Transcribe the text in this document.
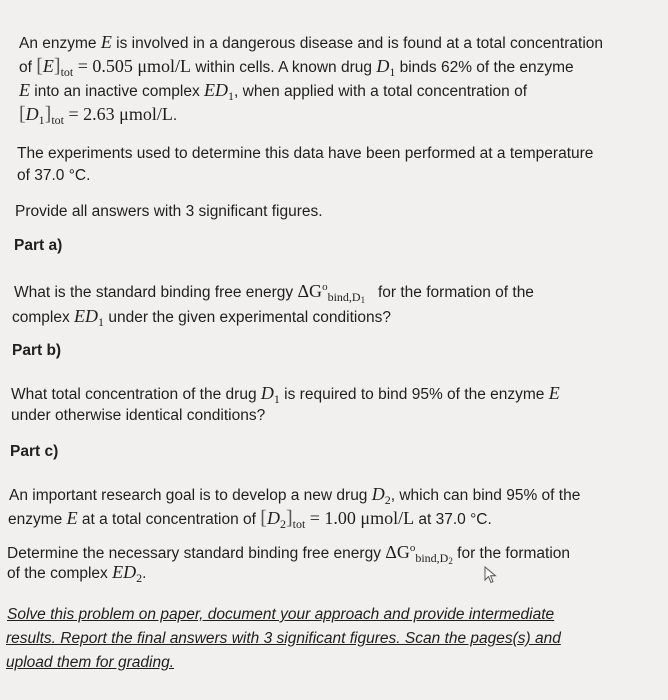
An enzyme E is involved in a dangerous disease and is found at a total concentration
of $[E]_{tot} = 0.505$ μmol/L within cells. A known drug $D_1$ binds 62% of the enzyme
E into an inactive complex $ED_1$, when applied with a total concentration of
$[D_1]_{tot} = 2.63$ μmol/L.
The experiments used to determine this data have been performed at a temperature
of 37.0 °C.
Provide all answers with 3 significant figures.
Part a)
What is the standard binding free energy $\Delta G^o_{bind,D1}$ for the formation of the
complex $ED_1$ under the given experimental conditions?
Part b)
What total concentration of the drug $D_1$ is required to bind 95% of the enzyme E
under otherwise identical conditions?
Part c)
An important research goal is to develop a new drug $D_2$, which can bind 95% of the
enzyme E at a total concentration of $[D_2]_{tot} = 1.00$ μmol/L at 37.0 °C.
Determine the necessary standard binding free energy $\Delta G^o_{bind,D2}$ for the formation
of the complex $ED_2$.
Solve this problem on paper, document your approach and provide intermediate
results. Report the final answers with 3 significant figures. Scan the pages(s) and
upload them for grading.
